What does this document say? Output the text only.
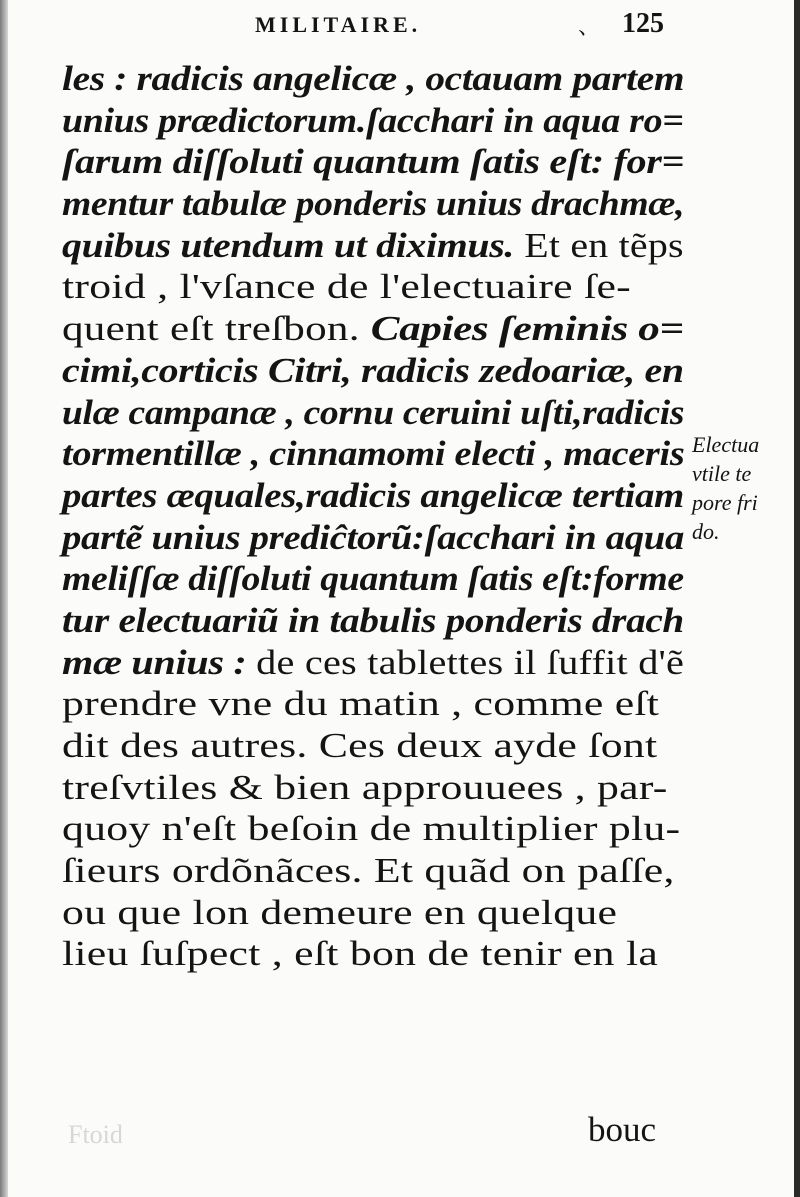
MILITAIRE.	、 125
les : radicis angelicæ , octauam partem
unius prædictorum.ſacchari in aqua ro=
ſarum diſſoluti quantum ſatis eſt: for=
mentur tabulæ ponderis unius drachmæ,
quibus utendum ut diximus. Et en tẽps
troid , l'vſance de l'electuaire ſe-
quent eſt treſbon. Capies ſeminis o=
cimi,corticis Citri, radicis zedoariæ, en
ulæ campanæ , cornu ceruini uſti,radicis
tormentillæ , cinnamomi electi , maceris
partes æquales,radicis angelicæ tertiam
partẽ unius prediĉtorũ:ſacchari in aqua
meliſſæ diſſoluti quantum ſatis eſt:forme
tur electuariũ in tabulis ponderis drach
mæ unius : de ces tablettes il ſuffit d'ẽ
prendre vne du matin , comme eſt
dit des autres. Ces deux ayde ſont
treſvtiles & bien approuuees , par-
quoy n'eſt beſoin de multiplier plu-
ſieurs ordõnãces. Et quãd on paſſe,
ou que lon demeure en quelque
lieu ſuſpect , eſt bon de tenir en la
Electua
vtile te
pore fri
do.
Ftoid	bouc
